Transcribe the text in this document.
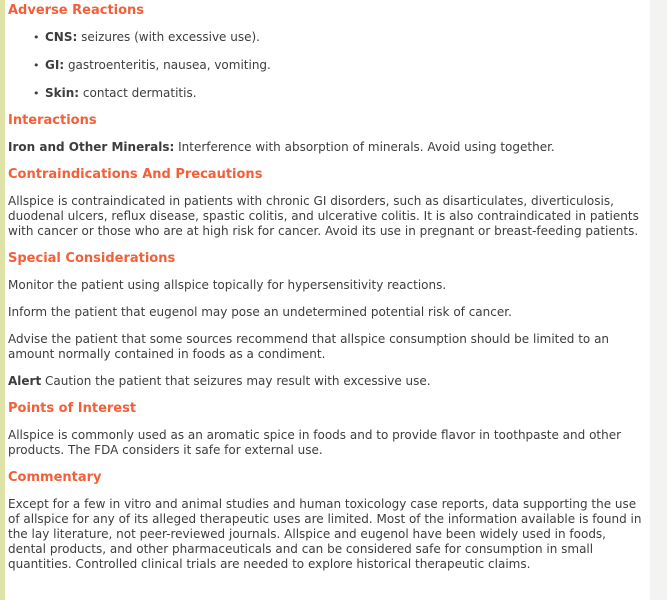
Adverse Reactions
• CNS: seizures (with excessive use).
• GI: gastroenteritis, nausea, vomiting.
• Skin: contact dermatitis.
Interactions

Iron and Other Minerals: Interference with absorption of minerals. Avoid using together.

Contraindications And Precautions

Allspice is contraindicated in patients with chronic GI disorders, such as disarticulates, diverticulosis, duodenal ulcers, reflux disease, spastic colitis, and ulcerative colitis. It is also contraindicated in patients with cancer or those who are at high risk for cancer. Avoid its use in pregnant or breast-feeding patients.

Special Considerations

Monitor the patient using allspice topically for hypersensitivity reactions.

Inform the patient that eugenol may pose an undetermined potential risk of cancer.

Advise the patient that some sources recommend that allspice consumption should be limited to an amount normally contained in foods as a condiment.

Alert Caution the patient that seizures may result with excessive use.

Points of Interest

Allspice is commonly used as an aromatic spice in foods and to provide flavor in toothpaste and other products. The FDA considers it safe for external use.

Commentary

Except for a few in vitro and animal studies and human toxicology case reports, data supporting the use of allspice for any of its alleged therapeutic uses are limited. Most of the information available is found in the lay literature, not peer-reviewed journals. Allspice and eugenol have been widely used in foods, dental products, and other pharmaceuticals and can be considered safe for consumption in small quantities. Controlled clinical trials are needed to explore historical therapeutic claims.
